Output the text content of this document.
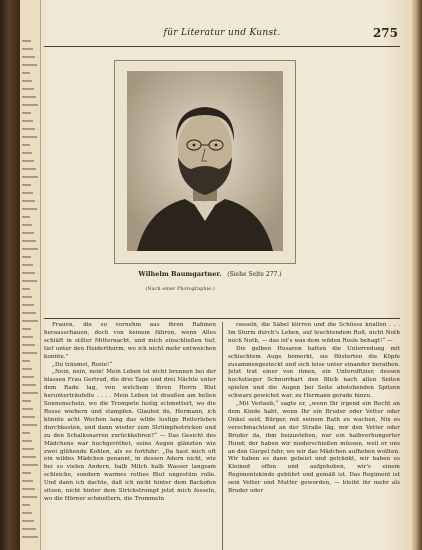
für Literatur und Kunst.	275
Wilhelm Baumgartner. (Siehe Seite 277.)
(Nach einer Photographie.)

Frauen, die so vornehm aus ihren Rahmen herausschauen, doch von keinem führen, wenn Alles schläft in stiller Mitternacht, und mich einschließen tief, tief unter den Heiderthurm, wo ich nicht mehr entweichen konnte."

„Du träumst, Rosie!“

„Nein, nein, nein! Mein Leben ist nicht brennen bei der blassen Frau Gertrud, die drei Tage und drei Nächte unter dem Rade lag, von welchem ihren Herrn Blut herunterträufelte . . . . Mein Leben ist draußen am hellen Sonnenschein, wo die Trompete lustig schmettert, wo die Rosse wiehern und stampfen. Glaubst du, Hermann, ich könnte acht Wochen lang das wilde lustige Reiterleben durchkosten, und dann wieder zum Strümpfestricken und zu den Schalksnarren zurückkehren?“ — Das Gesicht des Mädchens war hochgeröthet, seine Augen glänzten wie zwei glühende Kohlen, als es fortfuhr: „Da hast mich oft ein wildes Mädchen genannt, in dessen Adern nicht, wie bei so vielen Andern, halb Milch halb Wasser langsam schleiche, sondern warmes rothes Blut ungestüm rolle. Und dann ich dachte, daß ich nicht hinter dem Backofen sitzen, nicht hinter dem Strickstrumpf jetzt mich fesseln, wo die Hörner schmettern, die Trommeln

rasseln, die Säbel klirren und die Schüsse knallen . . . Im Sturm durch's Leben, auf leuchtendem Roß, nicht Noth noch Noth, — das ist's was dem wilden Rosle behagt!“ —

Die gelben Husaren hatten die Unterredung mit schlechtem Auge bemerkt, sie flüsterten die Köpfe zusammengesteckt und sich leise unter einander berathen. Jetzt trat einer von ihnen, ein Unteroffizier, dessen hochstieger Schnurrbart den Blick nach allen Seiten spielen und die Augen bei Seite abstehenden Spitzen schwarz gewichst war, zu Hermann gerade hinzu.

„Mit Verlaub,“ sagte er, „wenn Ihr irgend ein Recht an dem Kinde habt, wenn Ihr ein Bruder oder Vetter oder Onkel seid, Bürger, mit seinem Rath zu wachen, Nix es verschmachtend an der Straße läg, mir den Vetter oder Bruder da, ihm beizustehen, nur ein halbverhungerter Hund; der haben wir niederschießen müssen, weil er uns an den Gurgel fuhr, wo wir das Mädchen aufheben wollten. Wir haben es dann gebeizt und getränkt, wir haben es Kleinod offen und aufgehoben, wir's einem Regimentskinde gebührt und gemäß ist. Das Regiment ist sein Vetter und Mutter geworden, — bleibt ihr mehr als Bruder oder
